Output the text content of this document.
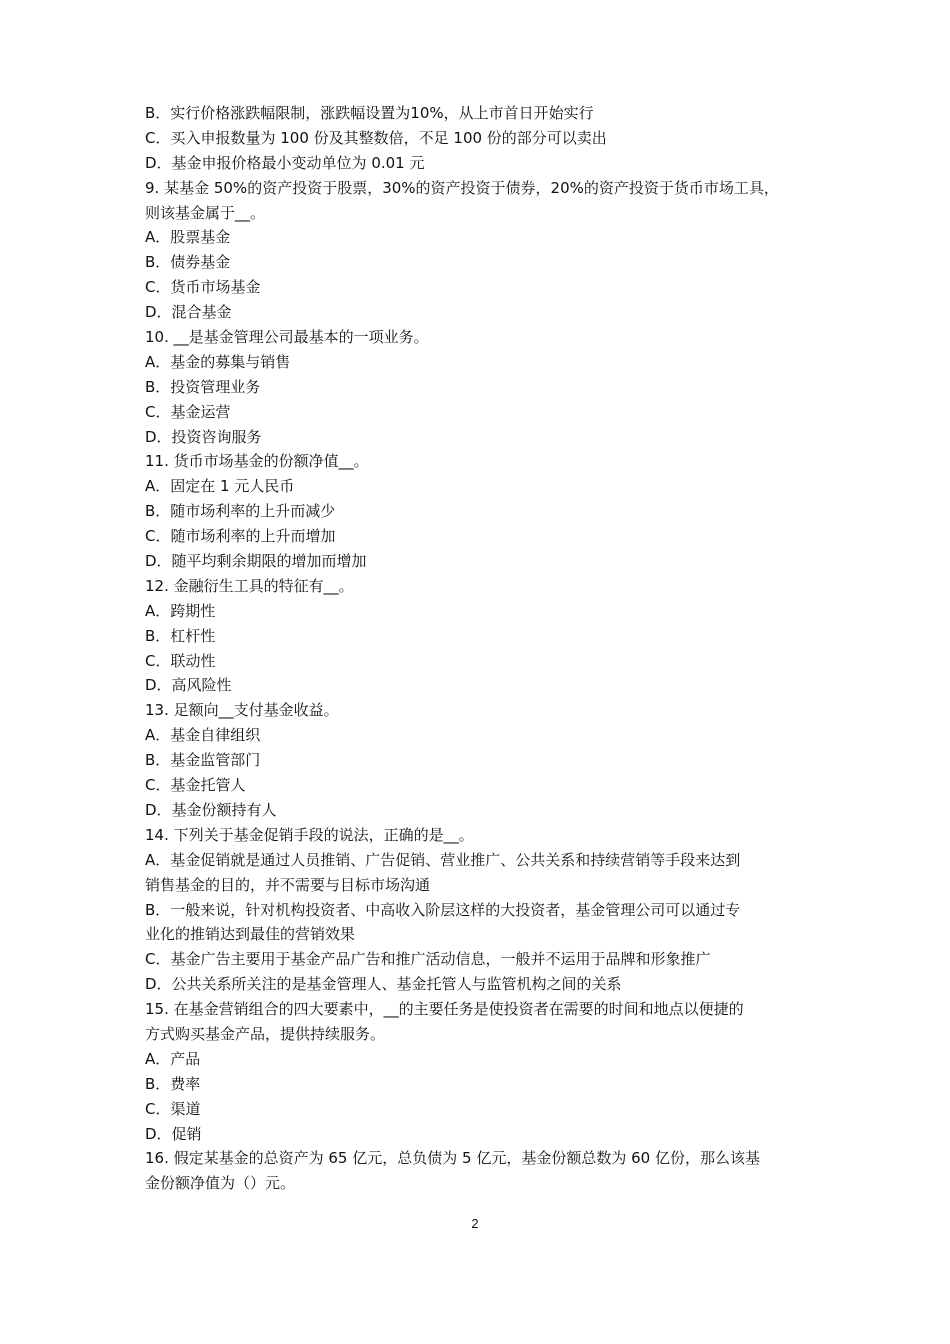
B．实行价格涨跌幅限制，涨跌幅设置为10%，从上市首日开始实行
C．买入申报数量为 100 份及其整数倍，不足 100 份的部分可以卖出
D．基金申报价格最小变动单位为 0.01 元
9. 某基金 50%的资产投资于股票，30%的资产投资于债券，20%的资产投资于货币市场工具，
则该基金属于__。
A．股票基金
B．债券基金
C．货币市场基金
D．混合基金
10. __是基金管理公司最基本的一项业务。
A．基金的募集与销售
B．投资管理业务
C．基金运营
D．投资咨询服务
11. 货币市场基金的份额净值__。
A．固定在 1 元人民币
B．随市场利率的上升而减少
C．随市场利率的上升而增加
D．随平均剩余期限的增加而增加
12. 金融衍生工具的特征有__。
A．跨期性
B．杠杆性
C．联动性
D．高风险性
13. 足额向__支付基金收益。
A．基金自律组织
B．基金监管部门
C．基金托管人
D．基金份额持有人
14. 下列关于基金促销手段的说法，正确的是__。
A．基金促销就是通过人员推销、广告促销、营业推广、公共关系和持续营销等手段来达到
销售基金的目的，并不需要与目标市场沟通
B．一般来说，针对机构投资者、中高收入阶层这样的大投资者，基金管理公司可以通过专
业化的推销达到最佳的营销效果
C．基金广告主要用于基金产品广告和推广活动信息，一般并不运用于品牌和形象推广
D．公共关系所关注的是基金管理人、基金托管人与监管机构之间的关系
15. 在基金营销组合的四大要素中，__的主要任务是使投资者在需要的时间和地点以便捷的
方式购买基金产品，提供持续服务。
A．产品
B．费率
C．渠道
D．促销
16. 假定某基金的总资产为 65 亿元，总负债为 5 亿元，基金份额总数为 60 亿份，那么该基
金份额净值为（）元。
2
